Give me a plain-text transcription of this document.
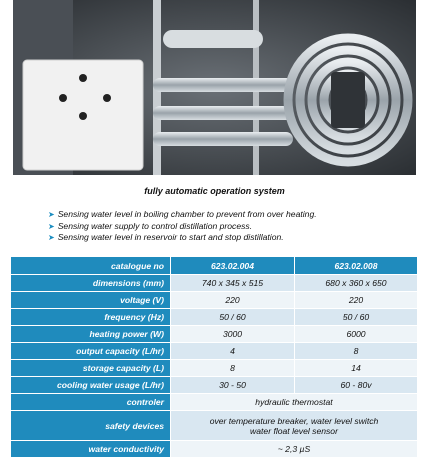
fully automatic operation system
➤ Sensing water level in boiling chamber to prevent from over heating.
➤ Sensing water supply to control distillation process.
➤ Sensing water level in reservoir to start and stop distillation.
catalogue no	623.02.004	623.02.008
dimensions (mm)	740 x 345 x 515	680 x 360 x 650
voltage (V)	220	220
frequency (Hz)	50 / 60	50 / 60
heating power (W)	3000	6000
output capacity (L/hr)	4	8
storage capacity (L)	8	14
cooling water usage (L/hr)	30 - 50	60 - 80v
controler	hydraulic thermostat	
safety devices	over temperature breaker, water level switch
water float level sensor	

water conductivity	~ 2,3 µS	
